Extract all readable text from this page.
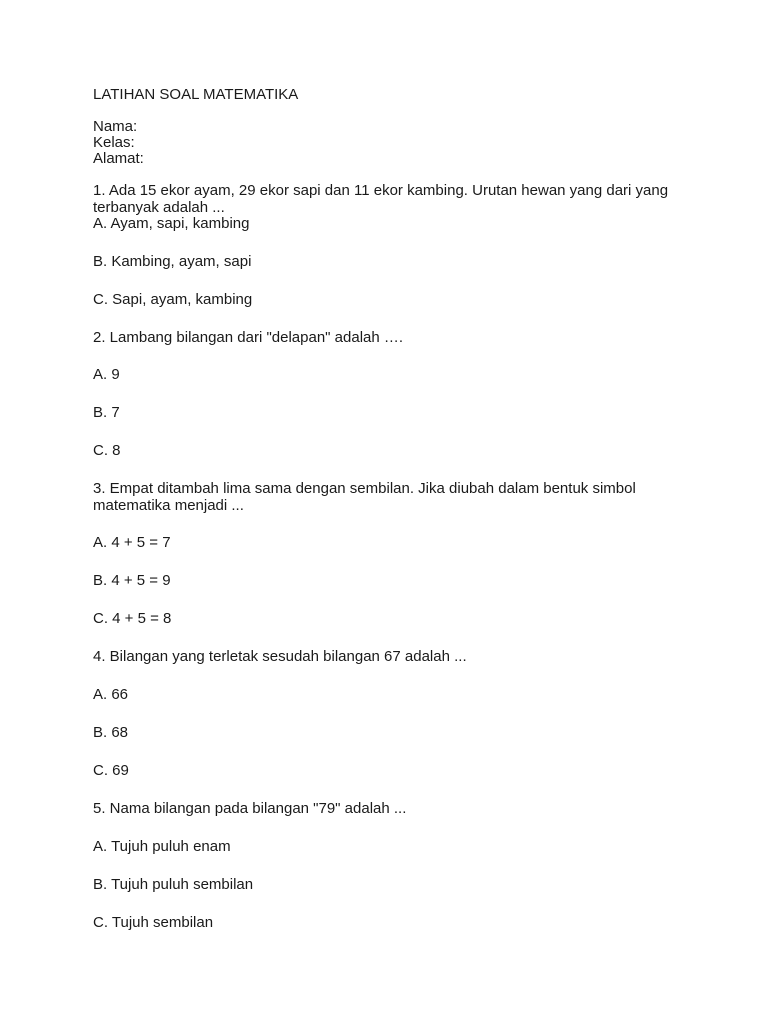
LATIHAN SOAL MATEMATIKA
Nama:
Kelas:
Alamat:
1. Ada 15 ekor ayam, 29 ekor sapi dan 11 ekor kambing. Urutan hewan yang dari yang terbanyak adalah ...
A. Ayam, sapi, kambing
B. Kambing, ayam, sapi
C. Sapi, ayam, kambing
2. Lambang bilangan dari "delapan" adalah ….
A. 9
B. 7
C. 8
3. Empat ditambah lima sama dengan sembilan. Jika diubah dalam bentuk simbol matematika menjadi ...
A. 4 + 5 = 7
B. 4 + 5 = 9
C. 4 + 5 = 8
4. Bilangan yang terletak sesudah bilangan 67 adalah ...
A. 66
B. 68
C. 69
5. Nama bilangan pada bilangan "79" adalah ...
A. Tujuh puluh enam
B. Tujuh puluh sembilan
C. Tujuh sembilan
